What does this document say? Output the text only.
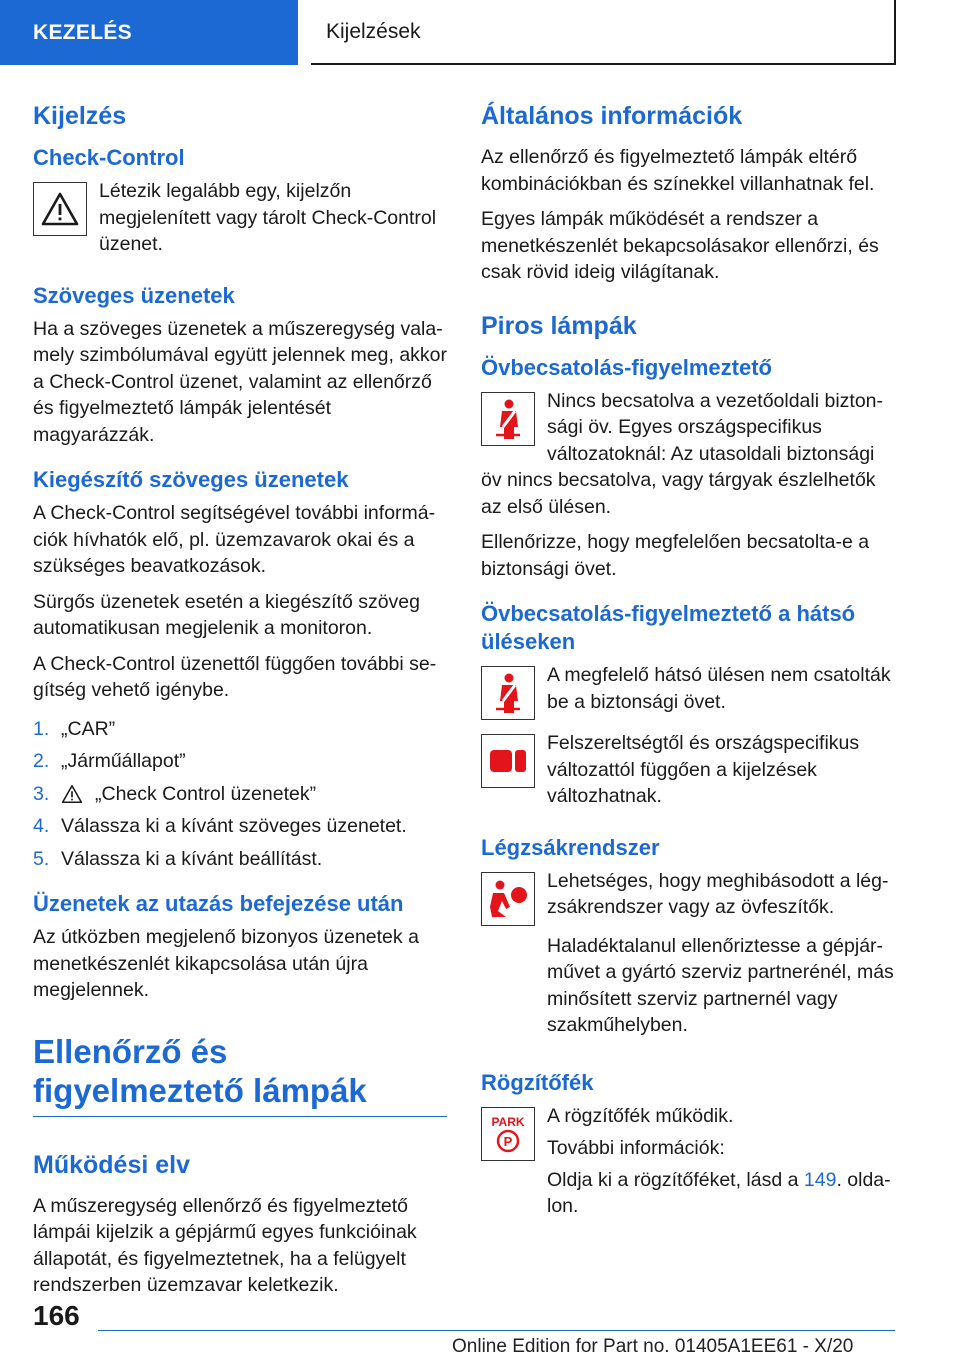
KEZELÉS	Kijelzések
Kijelzés
Check-Control

Létezik legalább egy, kijelzőn megjelenített vagy tárolt Check-Control üzenet.

Szöveges üzenetek

Ha a szöveges üzenetek a műszeregység valamely szimbólumával együtt jelennek meg, akkor a Check-Control üzenet, valamint az ellenőrző és figyelmeztető lámpák jelentését magyarázzák.

Kiegészítő szöveges üzenetek

A Check-Control segítségével további információk hívhatók elő, pl. üzemzavarok okai és a szükséges beavatkozások.

Sürgős üzenetek esetén a kiegészítő szöveg automatikusan megjelenik a monitoron.

A Check-Control üzenettől függően további segítség vehető igénybe.

1. „CAR”
2. „Járműállapot”
3.	„Check Control üzenetek”
4. Válassza ki a kívánt szöveges üzenetet.
5. Válassza ki a kívánt beállítást.
Üzenetek az utazás befejezése után

Az útközben megjelenő bizonyos üzenetek a menetkészenlét kikapcsolása után újra megjelennek.

Ellenőrző és figyelmeztető lámpák
Működési elv

A műszeregység ellenőrző és figyelmeztető lámpái kijelzik a gépjármű egyes funkcióinak állapotát, és figyelmeztetnek, ha a felügyelt rendszerben üzemzavar keletkezik.

Általános információk

Az ellenőrző és figyelmeztető lámpák eltérő kombinációkban és színekkel villanhatnak fel.

Egyes lámpák működését a rendszer a menetkészenlét bekapcsolásakor ellenőrzi, és csak rövid ideig világítanak.

Piros lámpák
Övbecsatolás-figyelmeztető

Nincs becsatolva a vezetőoldali biztonsági öv. Egyes országspecifikus változatoknál: Az utasoldali biztonsági öv nincs becsatolva, vagy tárgyak észlelhetők az első ülésen.

Ellenőrizze, hogy megfelelően becsatolta-e a biztonsági övet.

Övbecsatolás-figyelmeztető a hátsó üléseken

A megfelelő hátsó ülésen nem csatolták be a biztonsági övet.

Felszereltségtől és országspecifikus változattól függően a kijelzések változhatnak.

Légzsákrendszer

Lehetséges, hogy meghibásodott a légzsákrendszer vagy az övfeszítők.

Haladéktalanul ellenőriztesse a gépjárművet a gyártó szerviz partnerénél, más minősített szerviz partnernél vagy szakműhelyben.

Rögzítőfék
PARK
P

A rögzítőfék működik.

További információk:

Oldja ki a rögzítőféket, lásd a 149. oldalon.

166
Online Edition for Part no. 01405A1EE61 - X/20
